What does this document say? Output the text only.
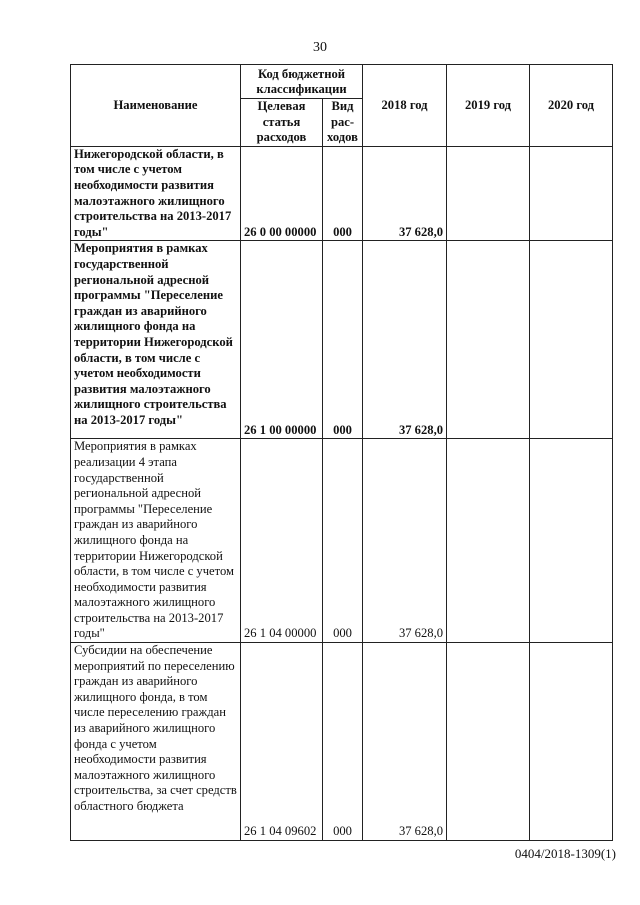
30
Наименование	Код бюджетной классификации		2018 год	2019 год	2020 год
	Целевая статья расходов	Вид рас-ходов			
Нижегородской области, в том числе с учетом необходимости развития малоэтажного жилищного строительства на 2013-2017 годы"	26 0 00 00000	000	37 628,0		
Мероприятия в рамках государственной региональной адресной программы "Переселение граждан из аварийного жилищного фонда на территории Нижегородской области, в том числе с учетом необходимости развития малоэтажного жилищного строительства на 2013-2017 годы"	26 1 00 00000	000	37 628,0		
Мероприятия в рамках реализации 4 этапа государственной региональной адресной программы "Переселение граждан из аварийного жилищного фонда на территории Нижегородской области, в том числе с учетом необходимости развития малоэтажного жилищного строительства на 2013-2017 годы"	26 1 04 00000	000	37 628,0		
Субсидии на обеспечение мероприятий по переселению граждан из аварийного жилищного фонда, в том числе переселению граждан из аварийного жилищного фонда с учетом необходимости развития малоэтажного жилищного строительства, за счет средств областного бюджета	26 1 04 09602	000	37 628,0		
0404/2018-1309(1)
